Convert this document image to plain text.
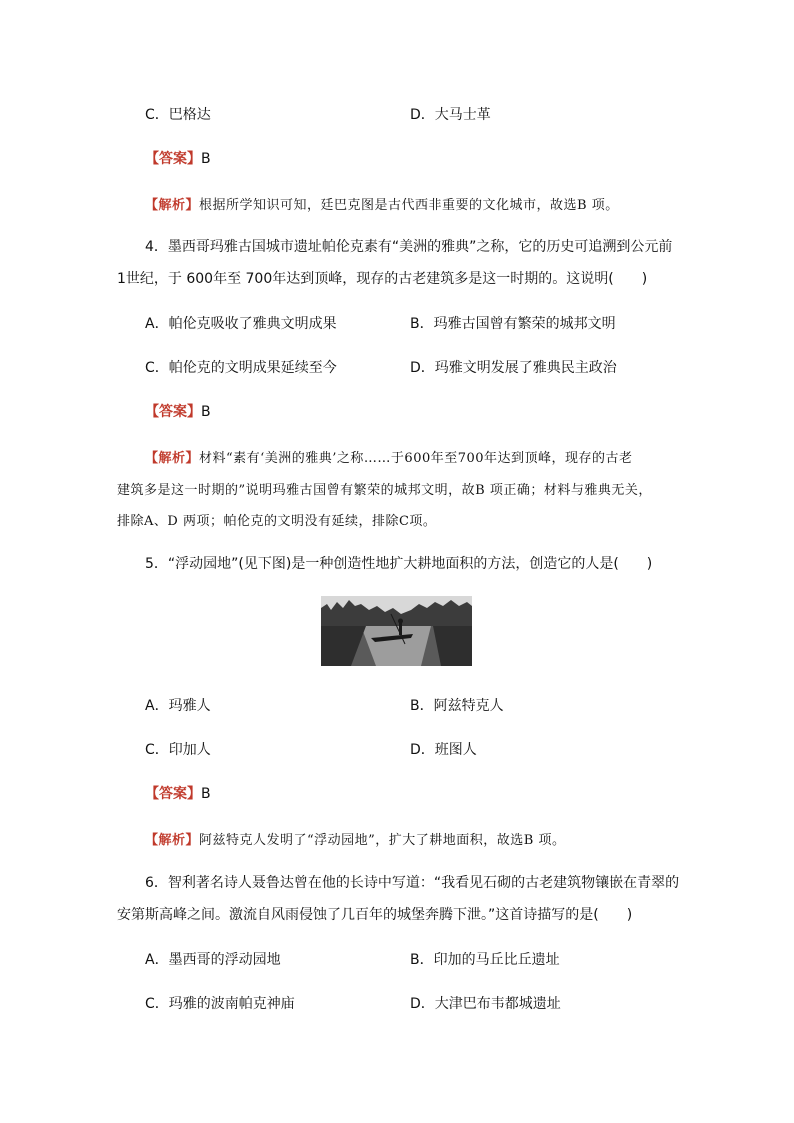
C．巴格达	D．大马士革
【答案】B
【解析】根据所学知识可知，廷巴克图是古代西非重要的文化城市，故选B 项。
4．墨西哥玛雅古国城市遗址帕伦克素有“美洲的雅典”之称，它的历史可追溯到公元前
1世纪，于 600年至 700年达到顶峰，现存的古老建筑多是这一时期的。这说明(　　)
A．帕伦克吸收了雅典文明成果	B．玛雅古国曾有繁荣的城邦文明
C．帕伦克的文明成果延续至今	D．玛雅文明发展了雅典民主政治
【答案】B
【解析】材料“素有‘美洲的雅典’之称……于600年至700年达到顶峰，现存的古老
建筑多是这一时期的”说明玛雅古国曾有繁荣的城邦文明，故B 项正确；材料与雅典无关，
排除A、D 两项；帕伦克的文明没有延续，排除C项。
5．“浮动园地”(见下图)是一种创造性地扩大耕地面积的方法，创造它的人是(　　)
A．玛雅人	B．阿兹特克人
C．印加人	D．班图人
【答案】B
【解析】阿兹特克人发明了“浮动园地”，扩大了耕地面积，故选B 项。
6．智利著名诗人聂鲁达曾在他的长诗中写道：“我看见石砌的古老建筑物镶嵌在青翠的
安第斯高峰之间。激流自风雨侵蚀了几百年的城堡奔腾下泄。”这首诗描写的是(　　)
A．墨西哥的浮动园地	B．印加的马丘比丘遗址
C．玛雅的波南帕克神庙	D．大津巴布韦都城遗址
